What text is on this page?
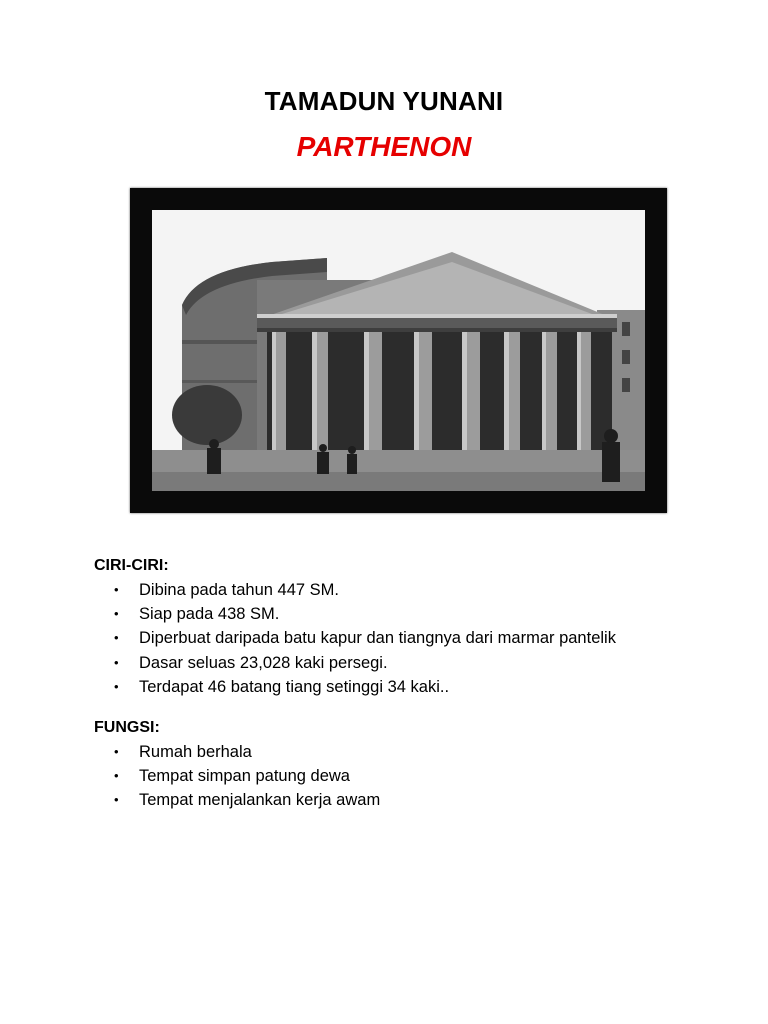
TAMADUN YUNANI
PARTHENON
CIRI-CIRI:
• Dibina pada tahun 447 SM.
• Siap pada 438 SM.
• Diperbuat daripada batu kapur dan tiangnya dari marmar pantelik
• Dasar seluas 23,028 kaki persegi.
• Terdapat 46 batang tiang setinggi 34 kaki..
FUNGSI:
• Rumah berhala
• Tempat simpan patung dewa
• Tempat menjalankan kerja awam
